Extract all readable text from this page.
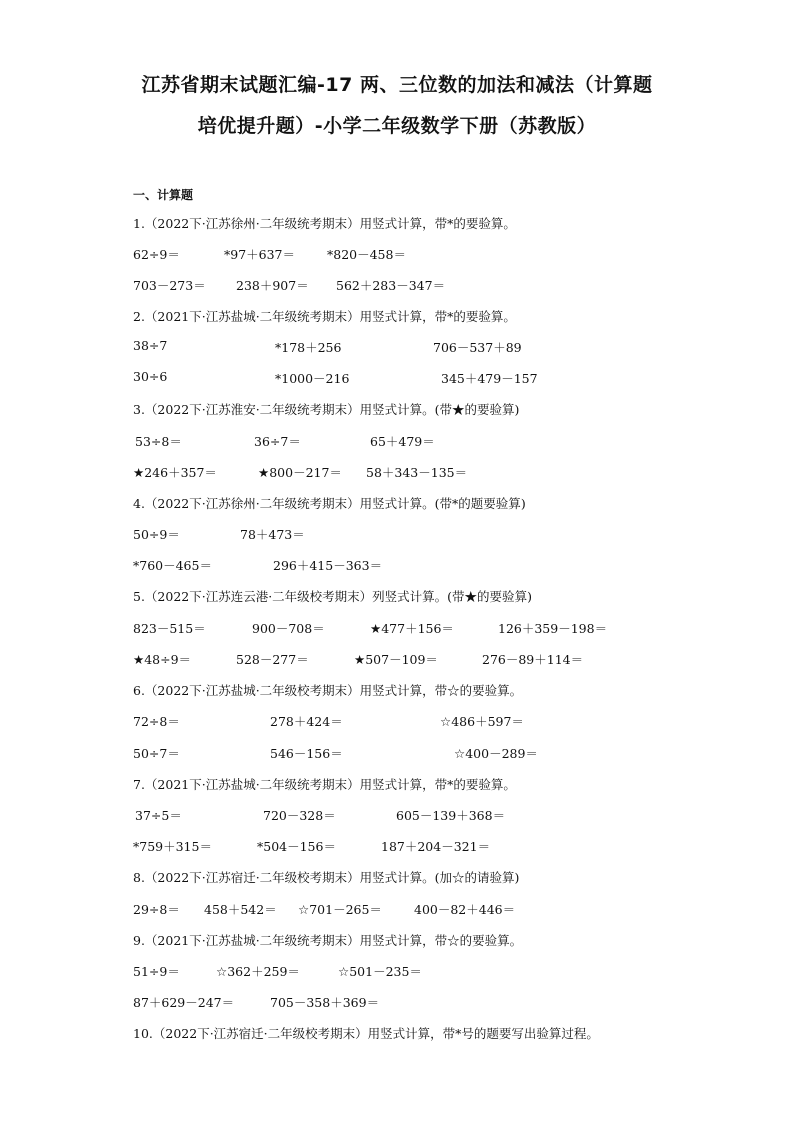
江苏省期末试题汇编-17 两、三位数的加法和减法（计算题
培优提升题）-小学二年级数学下册（苏教版）
一、计算题
1.（2022下·江苏徐州·二年级统考期末）用竖式计算，带*的要验算。
62÷9＝	*97＋637＝	*820－458＝
703－273＝ 238＋907＝ 562＋283－347＝
2.（2021下·江苏盐城·二年级统考期末）用竖式计算，带*的要验算。
38÷7	*178＋256	706－537＋89
30÷6	*1000－216	345＋479－157
3.（2022下·江苏淮安·二年级统考期末）用竖式计算。(带★的要验算)
53÷8＝	36÷7＝	65＋479＝
★246＋357＝	★800－217＝ 58＋343－135＝
4.（2022下·江苏徐州·二年级统考期末）用竖式计算。(带*的题要验算)
50÷9＝	78＋473＝
*760－465＝	296＋415－363＝
5.（2022下·江苏连云港·二年级校考期末）列竖式计算。(带★的要验算)
823－515＝	900－708＝	★477＋156＝	126＋359－198＝
★48÷9＝	528－277＝	★507－109＝	276－89＋114＝
6.（2022下·江苏盐城·二年级校考期末）用竖式计算，带☆的要验算。
72÷8＝	278＋424＝	☆486＋597＝
50÷7＝	546－156＝	☆400－289＝
7.（2021下·江苏盐城·二年级统考期末）用竖式计算，带*的要验算。
37÷5＝	720－328＝	605－139＋368＝
*759＋315＝	*504－156＝	187＋204－321＝
8.（2022下·江苏宿迁·二年级校考期末）用竖式计算。(加☆的请验算)
29÷8＝ 458＋542＝ ☆701－265＝	400－82＋446＝
9.（2021下·江苏盐城·二年级统考期末）用竖式计算，带☆的要验算。
51÷9＝	☆362＋259＝	☆501－235＝
87＋629－247＝	705－358＋369＝
10.（2022下·江苏宿迁·二年级校考期末）用竖式计算，带*号的题要写出验算过程。
